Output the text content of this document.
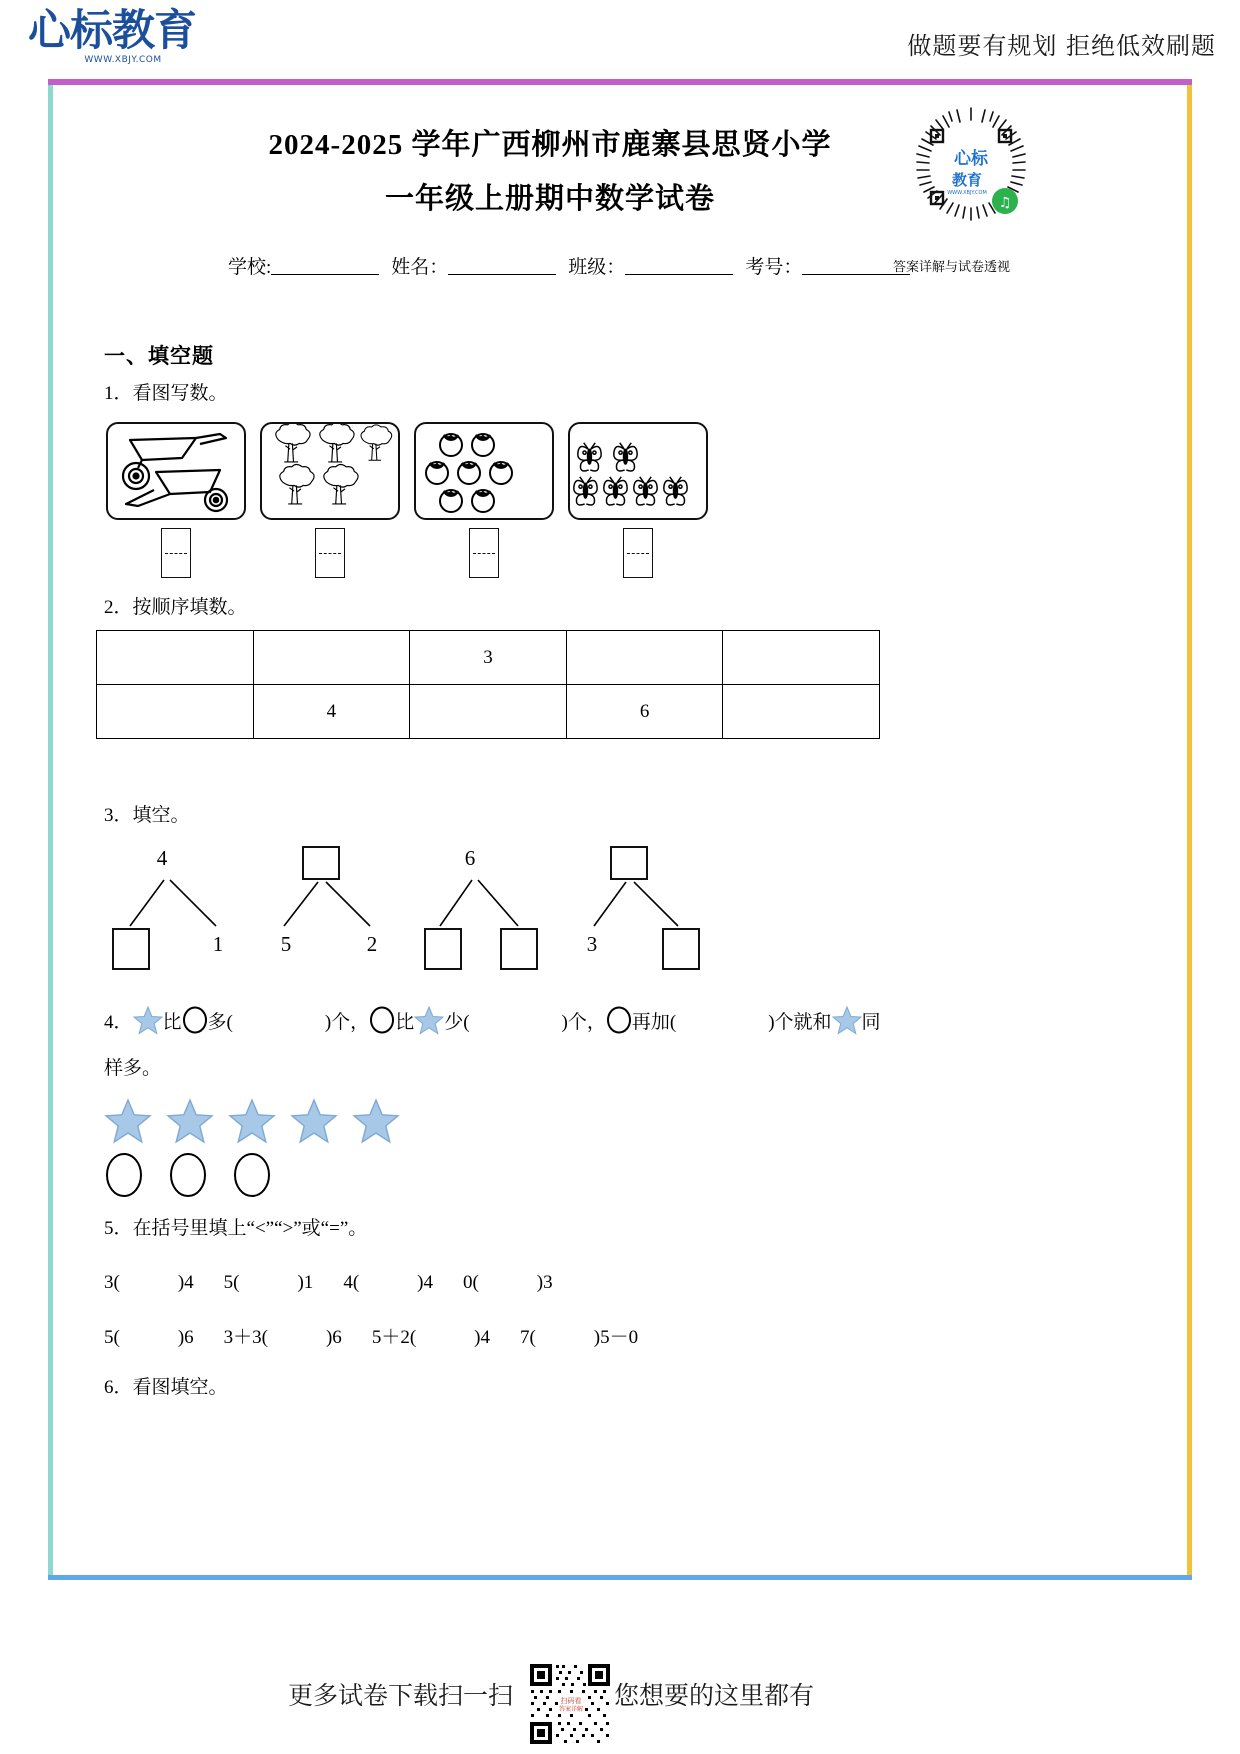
心标教育
WWW.XBJY.COM	做题要有规划 拒绝低效刷题
2024-2025 学年广西柳州市鹿寨县思贤小学
一年级上册期中数学试卷
心标
教育
WWW.XBJY.COM
♫
学校:	姓名：	班级：	考号：	答案详解与试卷透视
一、填空题
1．看图写数。
2．按顺序填数。
		3		
	4		6	
3．填空。
4
1	5	2
6
3
4． 比 多(	)个， 比 少(	)个， 再加(	)个就和 同
样多。
5．在括号里填上“<”“>”或“=”。
3(	)4 5(	)1 4(	)4 0(	)3
5(	)6 3＋3(	)6 5＋2(	)4 7(	)5－0
6．看图填空。
更多试卷下载扫一扫	扫码看
答案详解 您想要的这里都有
